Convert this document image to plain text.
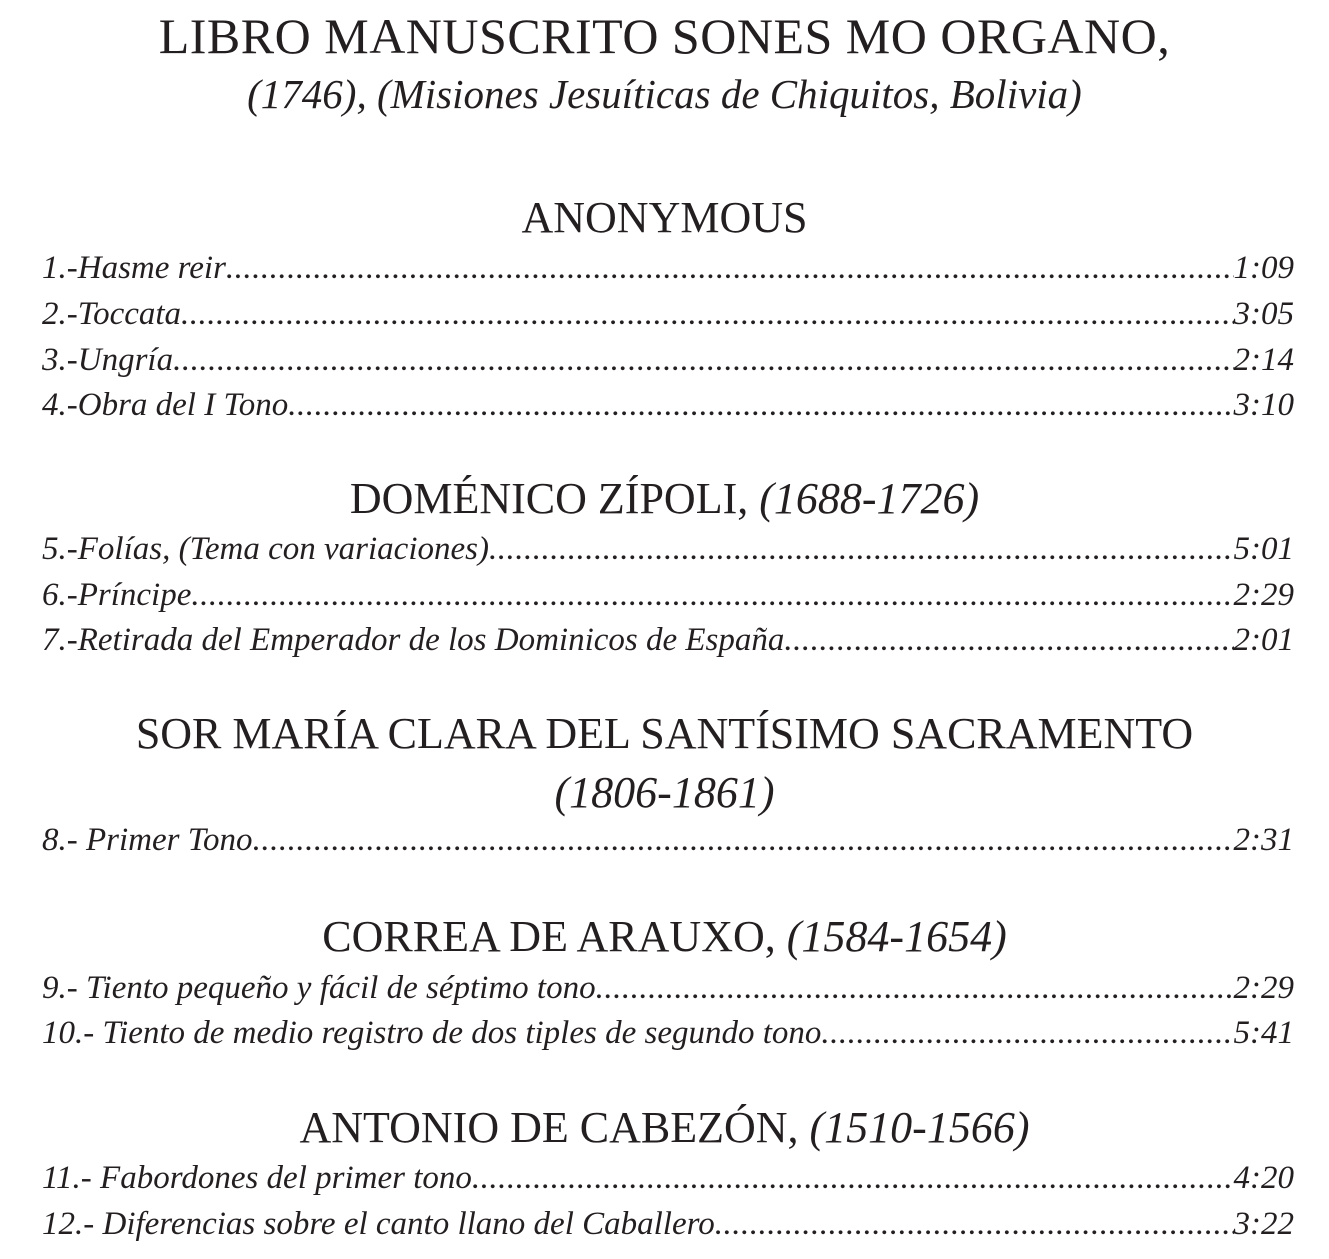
LIBRO MANUSCRITO SONES MO ORGANO,
(1746), (Misiones Jesuíticas de Chiquitos, Bolivia)
ANONYMOUS
1.-Hasme reir .....	1:09
2.-Toccata .....	3:05
3.-Ungría .....	2:14
4.-Obra del I Tono .....	3:10
DOMÉNICO ZÍPOLI, (1688-1726)
5.-Folías, (Tema con variaciones) .....	5:01
6.-Príncipe .....	2:29
7.-Retirada del Emperador de los Dominicos de España .....	2:01
SOR MARÍA CLARA DEL SANTÍSIMO SACRAMENTO
(1806-1861)
8.- Primer Tono .....	2:31
CORREA DE ARAUXO, (1584-1654)
9.- Tiento pequeño y fácil de séptimo tono .....	2:29
10.- Tiento de medio registro de dos tiples de segundo tono .....	5:41
ANTONIO DE CABEZÓN, (1510-1566)
11.- Fabordones del primer tono .....	4:20
12.- Diferencias sobre el canto llano del Caballero .....	3:22
